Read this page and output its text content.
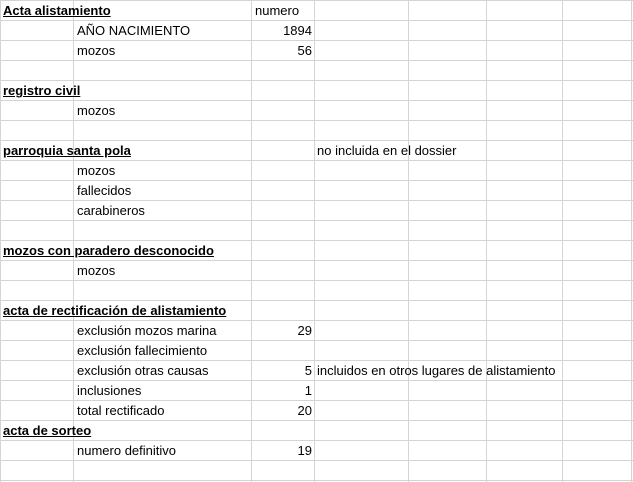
Acta alistamiento	numero
AÑO NACIMIENTO	1894
mozos	56
registro civil
mozos
parroquia santa pola	no incluida en el dossier
mozos
fallecidos
carabineros
mozos con paradero desconocido
mozos
acta de rectificación de alistamiento
exclusión mozos marina	29
exclusión fallecimiento
exclusión otras causas	5 incluidos en otros lugares de alistamiento
inclusiones	1
total rectificado	20
acta de sorteo
numero definitivo	19
